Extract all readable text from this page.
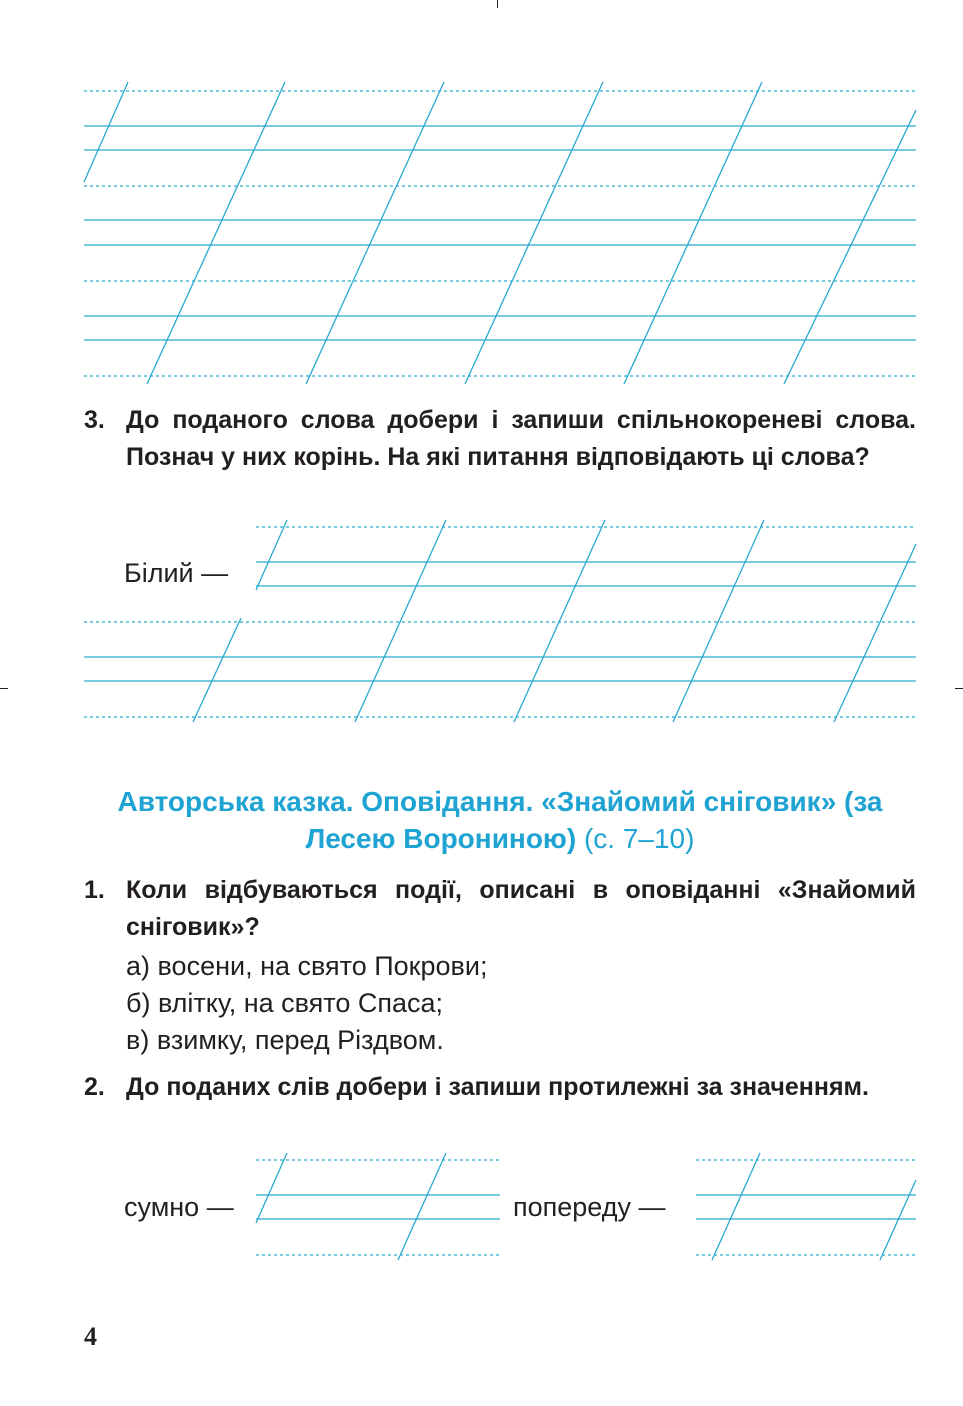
3. До поданого слова добери і запиши спільнокореневі слова. Познач у них корінь. На які питання відповідають ці слова?
Білий —
Авторська казка. Оповідання. «Знайомий сніговик» (за Лесею Ворониною) (с. 7–10)
1. Коли відбуваються події, описані в оповіданні «Знайомий сніговик»?
а) восени, на свято Покрови;
б) влітку, на свято Спаса;
в) взимку, перед Різдвом.
2. До поданих слів добери і запиши протилежні за значенням.
сумно —	попереду —
4
